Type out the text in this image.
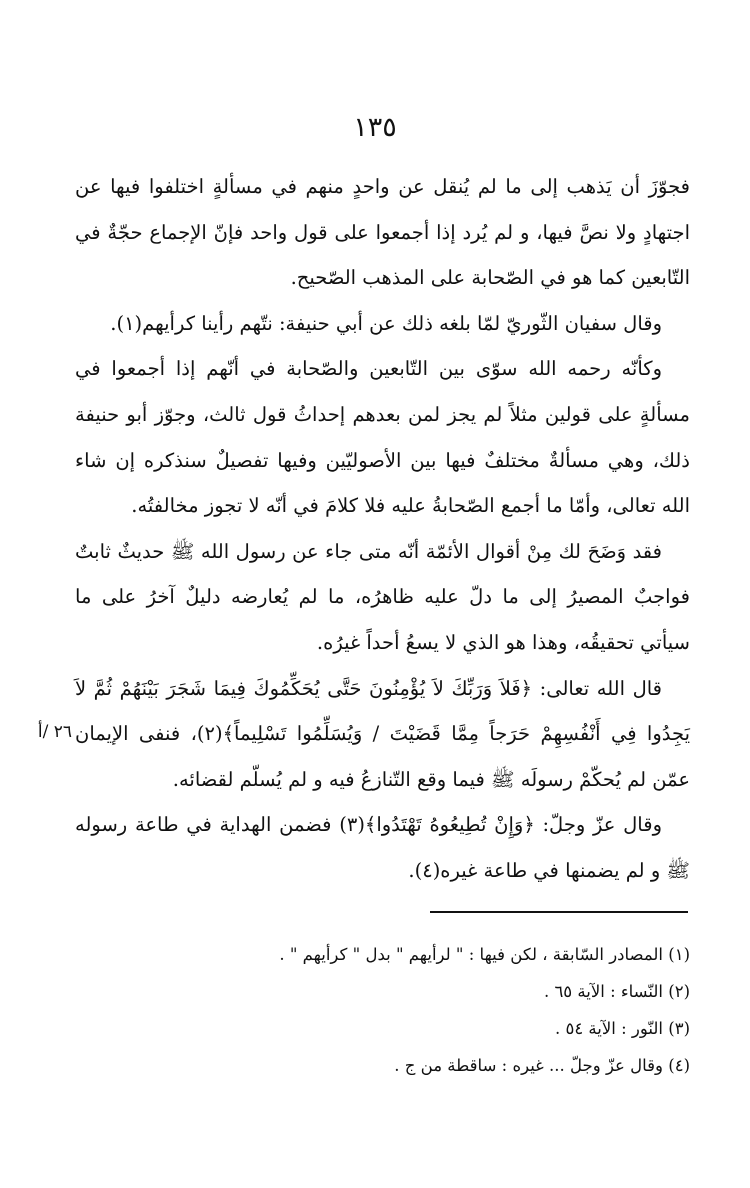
١٣٥

فجوّزَ أن يَذهب إلى ما لم يُنقل عن واحدٍ منهم في مسألةٍ اختلفوا فيها عن اجتهادٍ ولا نصَّ فيها، و لم يُرد إذا أجمعوا على قول واحد فإنّ الإجماع حجّةٌ في التّابعين كما هو في الصّحابة على المذهب الصّحيح.

وقال سفيان الثّوريّ لمّا بلغه ذلك عن أبي حنيفة: نتّهم رأينا كرأيهم(١).

وكأنّه رحمه الله سوّى بين التّابعين والصّحابة في أنّهم إذا أجمعوا في مسألةٍ على قولين مثلاً لم يجز لمن بعدهم إحداثُ قول ثالث، وجوّز أبو حنيفة ذلك، وهي مسألةٌ مختلفٌ فيها بين الأصوليّين وفيها تفصيلٌ سنذكره إن شاء الله تعالى، وأمّا ما أجمع الصّحابةُ عليه فلا كلامَ في أنّه لا تجوز مخالفتُه.

فقد وَضَحَ لك مِنْ أقوال الأئمّة أنّه متى جاء عن رسول الله ﷺ حديثٌ ثابتٌ فواجبٌ المصيرُ إلى ما دلّ عليه ظاهرُه، ما لم يُعارضه دليلٌ آخرُ على ما سيأتي تحقيقُه، وهذا هو الذي لا يسعُ أحداً غيرُه.

قال الله تعالى: ﴿فَلاَ وَرَبِّكَ لاَ يُؤْمِنُونَ حَتَّى يُحَكِّمُوكَ فِيمَا شَجَرَ بَيْنَهُمْ ثُمَّ لاَ يَجِدُوا فِي أَنْفُسِهِمْ حَرَجاً مِمَّا قَضَيْتَ / وَيُسَلِّمُوا تَسْلِيماً﴾(٢)، فنفى الإيمان عمّن لم يُحكّمْ رسولَه ﷺ فيما وقع التّنازعُ فيه و لم يُسلّم لقضائه.

وقال عزّ وجلّ: ﴿وَإِنْ تُطِيعُوهُ تَهْتَدُوا﴾(٣) فضمن الهداية في طاعة رسوله ﷺ و لم يضمنها في طاعة غيره(٤).

٢٦ /أ

(١) المصادر السّابقة ، لكن فيها : " لرأيهم " بدل " كرأيهم " .

(٢) النّساء : الآية ٦٥ .

(٣) النّور : الآية ٥٤ .

(٤) وقال عزّ وجلّ ... غيره : ساقطة من ج .
